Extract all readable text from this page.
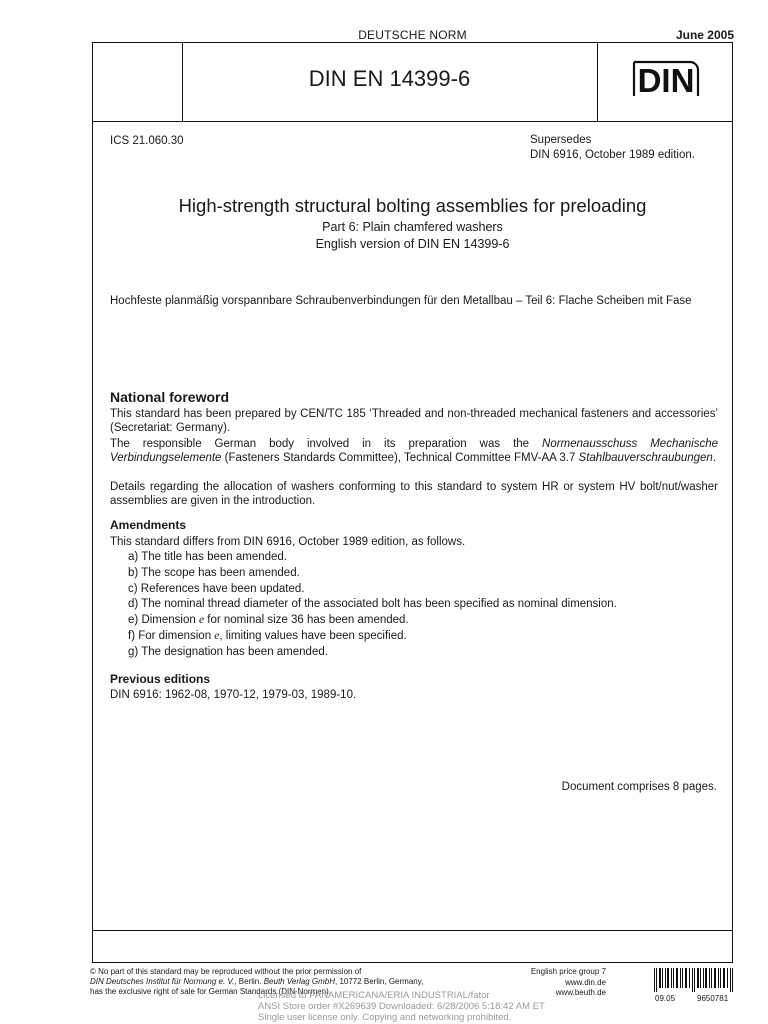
DEUTSCHE NORM	June 2005
DIN EN 14399-6	DIN
ICS 21.060.30	Supersedes
DIN 6916, October 1989 edition.
High-strength structural bolting assemblies for preloading
Part 6: Plain chamfered washers
English version of DIN EN 14399-6
Hochfeste planmäßig vorspannbare Schraubenverbindungen für den Metallbau – Teil 6: Flache Scheiben mit Fase
National foreword
This standard has been prepared by CEN/TC 185 ‘Threaded and non-threaded mechanical fasteners and accessories’ (Secretariat: Germany).
The responsible German body involved in its preparation was the Normenausschuss Mechanische Verbindungselemente (Fasteners Standards Committee), Technical Committee FMV-AA 3.7 Stahlbauverschraubungen.
Details regarding the allocation of washers conforming to this standard to system HR or system HV bolt/nut/washer assemblies are given in the introduction.
Amendments
This standard differs from DIN 6916, October 1989 edition, as follows.
a) The title has been amended.
b) The scope has been amended.
c) References have been updated.
d) The nominal thread diameter of the associated bolt has been specified as nominal dimension.
e) Dimension e for nominal size 36 has been amended.
f) For dimension e, limiting values have been specified.
g) The designation has been amended.
Previous editions
DIN 6916: 1962-08, 1970-12, 1979-03, 1989-10.
Document comprises 8 pages.
© No part of this standard may be reproduced without the prior permission of
DIN Deutsches Institut für Normung e. V., Berlin. Beuth Verlag GmbH, 10772 Berlin, Germany,
has the exclusive right of sale for German Standards (DIN-Normen).
English price group 7
www.din.de
www.beuth.de
Licensed to PANAMERICANA/ERIA INDUSTRIAL/fator
ANSI Store order #X269639 Downloaded: 6/28/2006 5:18:42 AM ET
Single user license only. Copying and networking prohibited.
09.05	9650781
